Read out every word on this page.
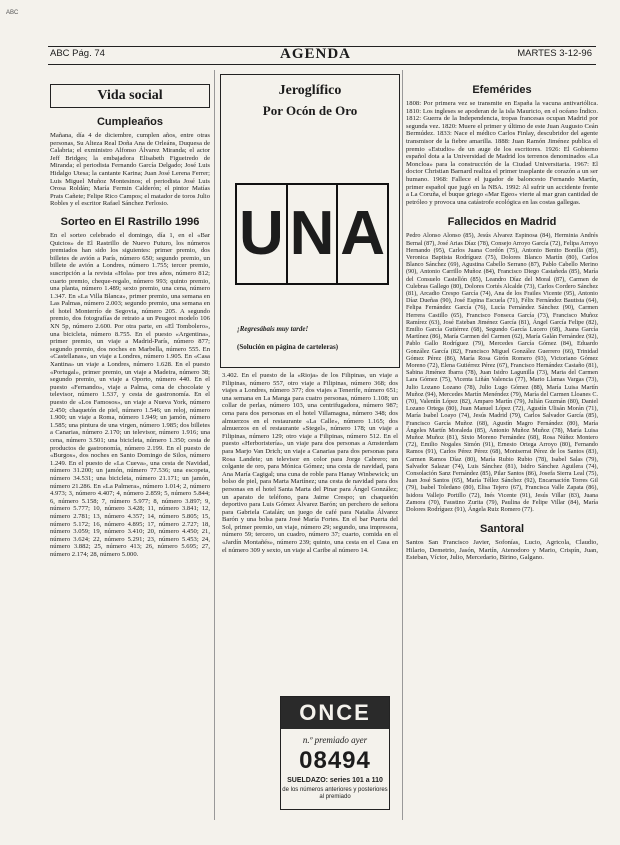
ABC Pág. 74	AGENDA	MARTES 3-12-96
Vida social
Cumpleaños

Mañana, día 4 de diciembre, cumplen años, entre otras personas, Su Alteza Real Doña Ana de Orleáns, Duquesa de Calabria; el exministro Alfonso Álvarez Miranda; el actor Jeff Bridges; la embajadora Elisabeth Figueiredo de Miranda; el periodista Fernando García Delgado; José Luis Hidalgo Utesa; la cantante Karina; Juan José Lerena Ferrer; Luis Miguel Muñoz Montesinos; el periodista José Luis Orosa Roldán; María Fermin Calderón; el pintor Matías Prats Cañete; Felipe Rico Campos; el matador de toros Julio Robles y el escritor Rafael Sánchez Ferlosio.

Sorteo en El Rastrillo 1996

En el sorteo celebrado el domingo, día 1, en el «Bar Quicios» de El Rastrillo de Nuevo Futuro, los números premiados han sido los siguientes: primer premio, dos billetes de avión a París, número 650; segundo premio, un billete de avión a Londres, número 1.755; tercer premio, suscripción a la revista «Hola» por tres años, número 812; cuarto premio, cheque-regalo, número 993; quinto premio, una planta, número 1.489; sexto premio, una cena, número 1.347. En «La Villa Blanca», primer premio, una semana en Las Palmas, número 2.003; segundo premio, una semana en el hotel Monterrío de Segovia, número 205. A segundo premio, dos fotografías de retrato a un Peugeot modelo 106 XN 5p, número 2.600. Por otra parte, en «El Tombolero», una bicicleta, número 8.755. En el puesto «Argentina», primer premio, un viaje a Madrid-París, número 877; segundo premio, dos noches en Marbella, número 555. En «Castellanas», un viaje a Londres, número 1.905. En «Casa Xantina» un viaje a Londres, número 1.628. En el puesto «Portugal», primer premio, un viaje a Madeira, número 38; segundo premio, un viaje a Oporto, número 440. En el puesto «Fernando», viaje a Palma, cena de chocolate y televisor, número 1.537, y cesta de gastronomía. En el puesto de «Los Famosos», un viaje a Nueva York, número 2.450; chaquetón de piel, número 1.546; un reloj, número 1.900; un viaje a Roma, número 1.949; un jamón, número 1.585; una pintura de una virgen, número 1.985; dos billetes a Canarias, número 2.170; un televisor, número 1.916; una cena, número 3.501; una bicicleta, número 1.350; cesta de productos de gastronomía, número 2.199. En el puesto de «Burgos», dos noches en Santo Domingo de Silos, número 1.249. En el puesto de «La Cueva», una cesta de Navidad, número 31.200; un jamón, número 77.536; una escopeta, número 34.531; una bicicleta, número 21.171; un jamón, número 21.286. En «La Palmera», número 1.014; 2, número 4.973; 3, número 4.407; 4, número 2.859; 5, número 5.844; 6, número 5.158; 7, número 5.977; 8, número 3.897; 9, número 5.777; 10, número 3.428; 11, número 3.841; 12, número 2.781; 13, número 4.357; 14, número 5.805; 15, número 5.172; 16, número 4.895; 17, número 2.727; 18, número 3.059; 19, número 3.410; 20, número 4.450; 21, número 3.624; 22, número 5.291; 23, número 5.453; 24, número 3.882; 25, número 413; 26, número 5.695; 27, número 2.174; 28, número 5.000.

Jeroglífico
Por Ocón de Oro
U N A
¡Regresábais muy tarde!
(Solución en página de carteleras)

3.402. En el puesto de la «Rioja» de los Filipinas, un viaje a Filipinas, número 557, otro viaje a Filipinas, número 368; dos viajes a Londres, número 377; dos viajes a Tenerife, número 651; una semana en La Manga para cuatro personas, número 1.108; un collar de perlas, número 103, una centrifugadora, número 987; cena para dos personas en el hotel Villamagna, número 348; dos almuerzos en el restaurante «La Calle», número 1.165; dos almuerzos en el restaurante «Stegel», número 178; un viaje a Filipinas, número 129; otro viaje a Filipinas, número 512. En el puesto «Herboristería», un viaje para dos personas a Amsterdam para Marjo Van Drich; un viaje a Canarias para dos personas para Rosa Landete; un televisor en color para Jorge Cabrero; un colgante de oro, para Mónica Gómez; una cesta de navidad, para Ana María Cagigal; una cuna de roble para Hanay Winbewick; un bolso de piel, para Marta Martínez; una cesta de navidad para dos personas en el hotel Santa Marta del Pinar para Ángel González; un aparato de teléfono, para Jaime Crespo; un chaquetón deportivo para Luis Gómez Álvarez Barón; un perchero de señora para Gabriela Catalán; un juego de café para Natalia Álvarez Barón y una bolsa para José María Fortes. En el bar Puerta del Sol, primer premio, un viaje, número 29; segundo, una impresora, número 59; tercero, un cuadro, número 37; cuarto, comida en el «Jardín Montañés», número 239; quinto, una cesta en el Casa en el número 309 y sexto, un viaje al Caribe al número 14.

ONCE
n.º premiado ayer
08494
SUELDAZO: series 101 a 110
de los números anteriores y posteriores al premiado
Efemérides

1808: Por primera vez se transmite en España la vacuna antivariólica. 1810: Los ingleses se apoderan de la isla Mauricio, en el océano Índico. 1812: Guerra de la Independencia, tropas francesas ocupan Madrid por segunda vez. 1820: Muere el primer y último de este Juan Augusto Ceán Bermúdez. 1833: Nace el médico Carlos Finlay, descubridor del agente transmisor de la fiebre amarilla. 1888: Juan Ramón Jiménez publica el premio «Estudio» de un auge de los escritores. 1926: El Gobierno español dota a la Universidad de Madrid los terrenos denominados «La Moncloa» para la construcción de la Ciudad Universitaria. 1967: El doctor Christian Barnard realiza el primer trasplante de corazón a un ser humano. 1968: Fallece el jugador de baloncesto Fernando Martín, primer español que jugó en la NBA. 1992: Al sufrir un accidente frente a La Coruña, el buque griego «Mar Egeo» vierte al mar gran cantidad de petróleo y provoca una catástrofe ecológica en las costas gallegas.

Fallecidos en Madrid

Pedro Alonso Alonso (85), Jesús Alvarez Espinosa (84), Herminia Andrés Bernal (87), José Arias Díaz (78), Consejo Arroyo García (72), Felipa Arroyo Hernando (95), Carlos Juana Cordón (75), Antonio Benito Bonilla (85), Veronica Baptista Rodríguez (75), Dolores Blanco Martín (80), Carlos Blanco Sánchez (69), Agustina Cabello Serrano (87), Pablo Cabello Merino (90), Antonio Carrillo Muñoz (84), Francisco Diego Castañeda (85), María del Consuelo Castellón (85), Leandro Díaz del Moral (87), Carmen de Culebras Gallego (80), Dolores Cortés Alcalde (73), Carlos Cordero Sánchez (81), Arcadio Crespo García (74), Ana de los Frailes Vicente (95), Antonio Díaz Dueñas (90), José Espina Escuela (71), Félix Fernández Bautista (64), Felipa Fernández García (76), Lucía Fernández Sánchez (90), Carmen Herrera Castillo (65), Francisco Fonseca García (73), Francisco Muñoz Ramírez (63), José Esteban Jiménez García (81), Ángel García Felipe (82), Emilio García Gutiérrez (68), Segundo García Lucero (68), Juana García Martínez (86), María Carmen del Carmen (62), María Galán Fernández (92), Pablo Gallo Rodríguez (79), Mercedes García Gómez (84), Eduardo González García (82), Francisco Miguel González Guerrero (66), Trinidad Gómez Pérez (86), María Rosa Girón Romero (93), Victoriano Gómez Moreno (72), Elena Gutiérrez Pérez (67), Francisco Hernández Castaño (81), Sabina Jiménez Ibarra (78), Juan Isidro Lagunilla (73), Maria del Carmen Lara Gómez (75), Vicenta Liñán Valencia (77), Mario Llamas Vargas (73), Julio Lozano Lozano (78), Julio Lugo Gómez (88), María Luisa Martín Muñoz (94), Mercedes Martín Menéndez (79), María del Carmen Lloanes C. (70), Valentín López (82), Amparo Martín (79), Julián Guzmán (80), Daniel Lozano Ortega (80), Juan Manuel López (72), Agustín Ulisán Morán (71), María Isabel Loayo (74), Jesús Madrid (79), Carlos Salvador García (85), Francisco García Muñoz (68), Agustín Magro Fernández (80), María Ángeles Martín Moraleda (85), Antonio Muñoz Muñoz (78), María Luisa Muñoz Muñoz (81), Sixto Moreno Fernández (68), Rosa Núñez Montero (72), Emilio Nogales Simón (91), Ernesto Ortega Arroyo (80), Fernando Ramos (91), Carlos Pérez Pérez (68), Montserrat Pérez de los Santos (83), Carmen Ramos Díaz (80), María Rubio Rubio (78), Isabel Salas (79), Salvador Salazar (74), Luis Sánchez (81), Isidro Sánchez Aguilera (74), Consolación Sanz Fernández (85), Pilar Santos (86), Josefa Sierra Leal (75), Juan José Santos (65), María Téllez Sánchez (92), Encarnación Torres Gil (79), Isabel Toledano (80), Elisa Tejero (67), Francisca Valle Zapata (86), Isidora Vallejo Portillo (72), Inés Vicente (91), Jesús Villar (83), Juana Zamora (70), Faustino Zurita (79), Paulina de Felipe Villar (84), María Dolores Rodríguez (91), Ángela Ruiz Romero (77).

Santoral

Santos San Francisco Javier, Sofonías, Lucio, Agricola, Claudio, Hilario, Demetrio, Jasón, Martín, Atenodoro y Mario, Crispín, Juan, Esteban, Víctor, Julio, Mercedario, Birino, Galgano.

ABC
